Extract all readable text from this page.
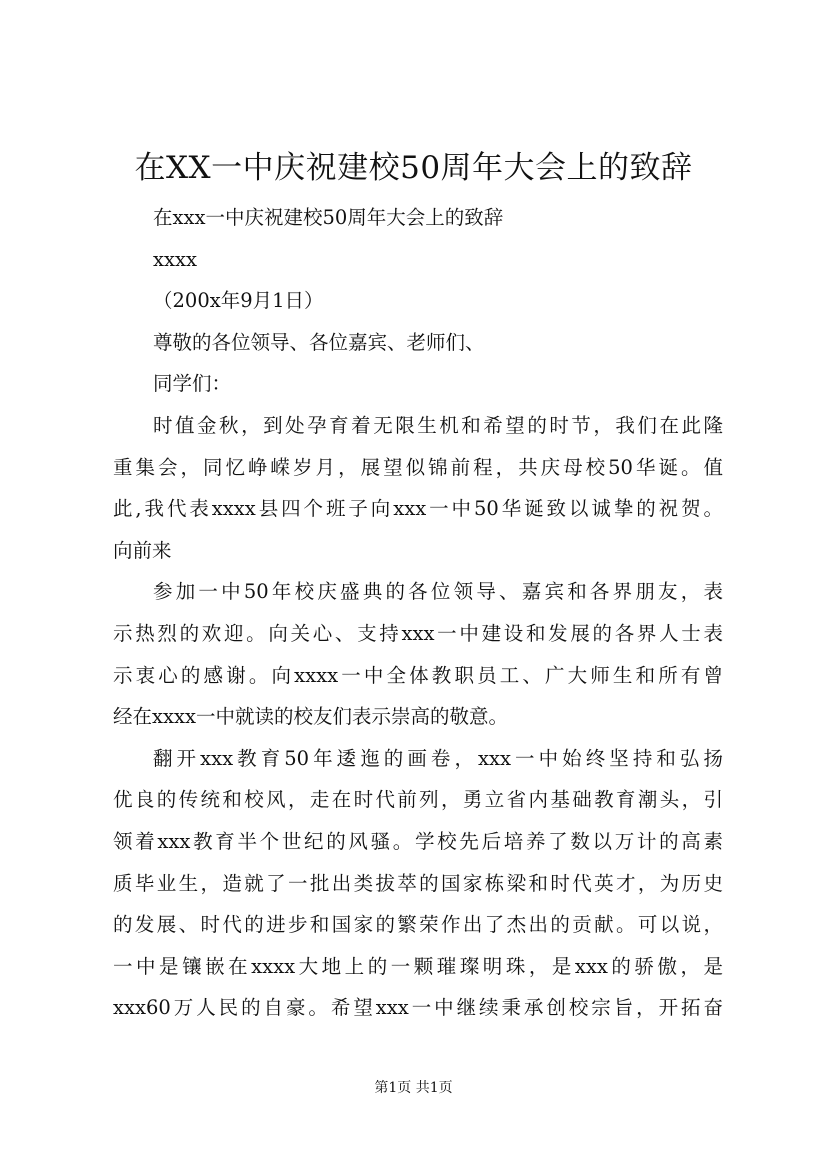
在XX一中庆祝建校50周年大会上的致辞
在xxx一中庆祝建校50周年大会上的致辞
xxxx
（200x年9月1日）
尊敬的各位领导、各位嘉宾、老师们、
同学们：
时值金秋，到处孕育着无限生机和希望的时节，我们在此隆
重集会，同忆峥嵘岁月，展望似锦前程，共庆母校50华诞。值
此,我代表xxxx县四个班子向xxx一中50华诞致以诚挚的祝贺。
向前来
参加一中50年校庆盛典的各位领导、嘉宾和各界朋友，表
示热烈的欢迎。向关心、支持xxx一中建设和发展的各界人士表
示衷心的感谢。向xxxx一中全体教职员工、广大师生和所有曾
经在xxxx一中就读的校友们表示崇高的敬意。
翻开xxx教育50年逶迤的画卷，xxx一中始终坚持和弘扬
优良的传统和校风，走在时代前列，勇立省内基础教育潮头，引
领着xxx教育半个世纪的风骚。学校先后培养了数以万计的高素
质毕业生，造就了一批出类拔萃的国家栋梁和时代英才，为历史
的发展、时代的进步和国家的繁荣作出了杰出的贡献。可以说，
一中是镶嵌在xxxx大地上的一颗璀璨明珠，是xxx的骄傲，是
xxx60万人民的自豪。希望xxx一中继续秉承创校宗旨，开拓奋
第1页 共1页
